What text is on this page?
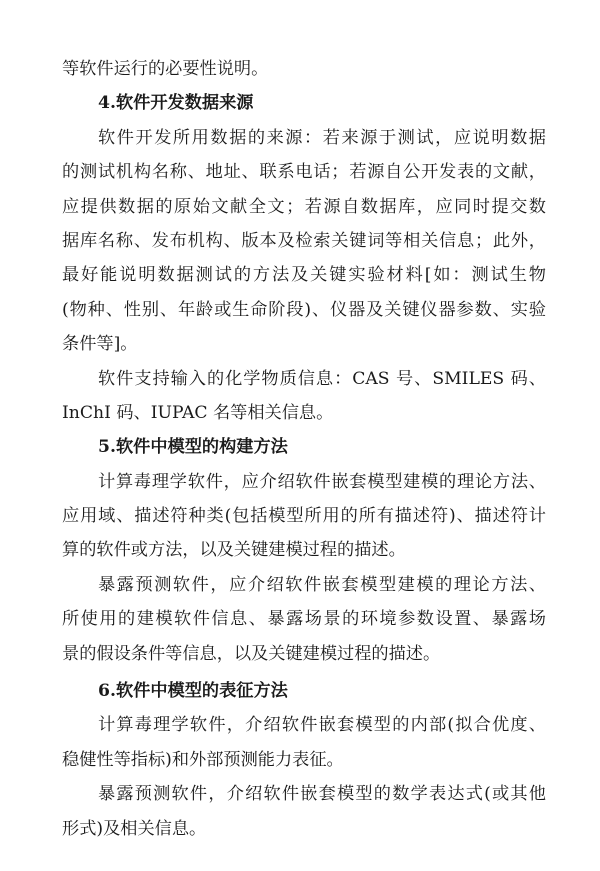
等软件运行的必要性说明。
4.软件开发数据来源
软件开发所用数据的来源：若来源于测试，应说明数据
的测试机构名称、地址、联系电话；若源自公开发表的文献，
应提供数据的原始文献全文；若源自数据库，应同时提交数
据库名称、发布机构、版本及检索关键词等相关信息；此外，
最好能说明数据测试的方法及关键实验材料[如：测试生物
(物种、性别、年龄或生命阶段)、仪器及关键仪器参数、实验
条件等]。
软件支持输入的化学物质信息：CAS 号、SMILES 码、
InChI 码、IUPAC 名等相关信息。
5.软件中模型的构建方法
计算毒理学软件，应介绍软件嵌套模型建模的理论方法、
应用域、描述符种类(包括模型所用的所有描述符)、描述符计
算的软件或方法，以及关键建模过程的描述。
暴露预测软件，应介绍软件嵌套模型建模的理论方法、
所使用的建模软件信息、暴露场景的环境参数设置、暴露场
景的假设条件等信息，以及关键建模过程的描述。
6.软件中模型的表征方法
计算毒理学软件，介绍软件嵌套模型的内部(拟合优度、
稳健性等指标)和外部预测能力表征。
暴露预测软件，介绍软件嵌套模型的数学表达式(或其他
形式)及相关信息。
